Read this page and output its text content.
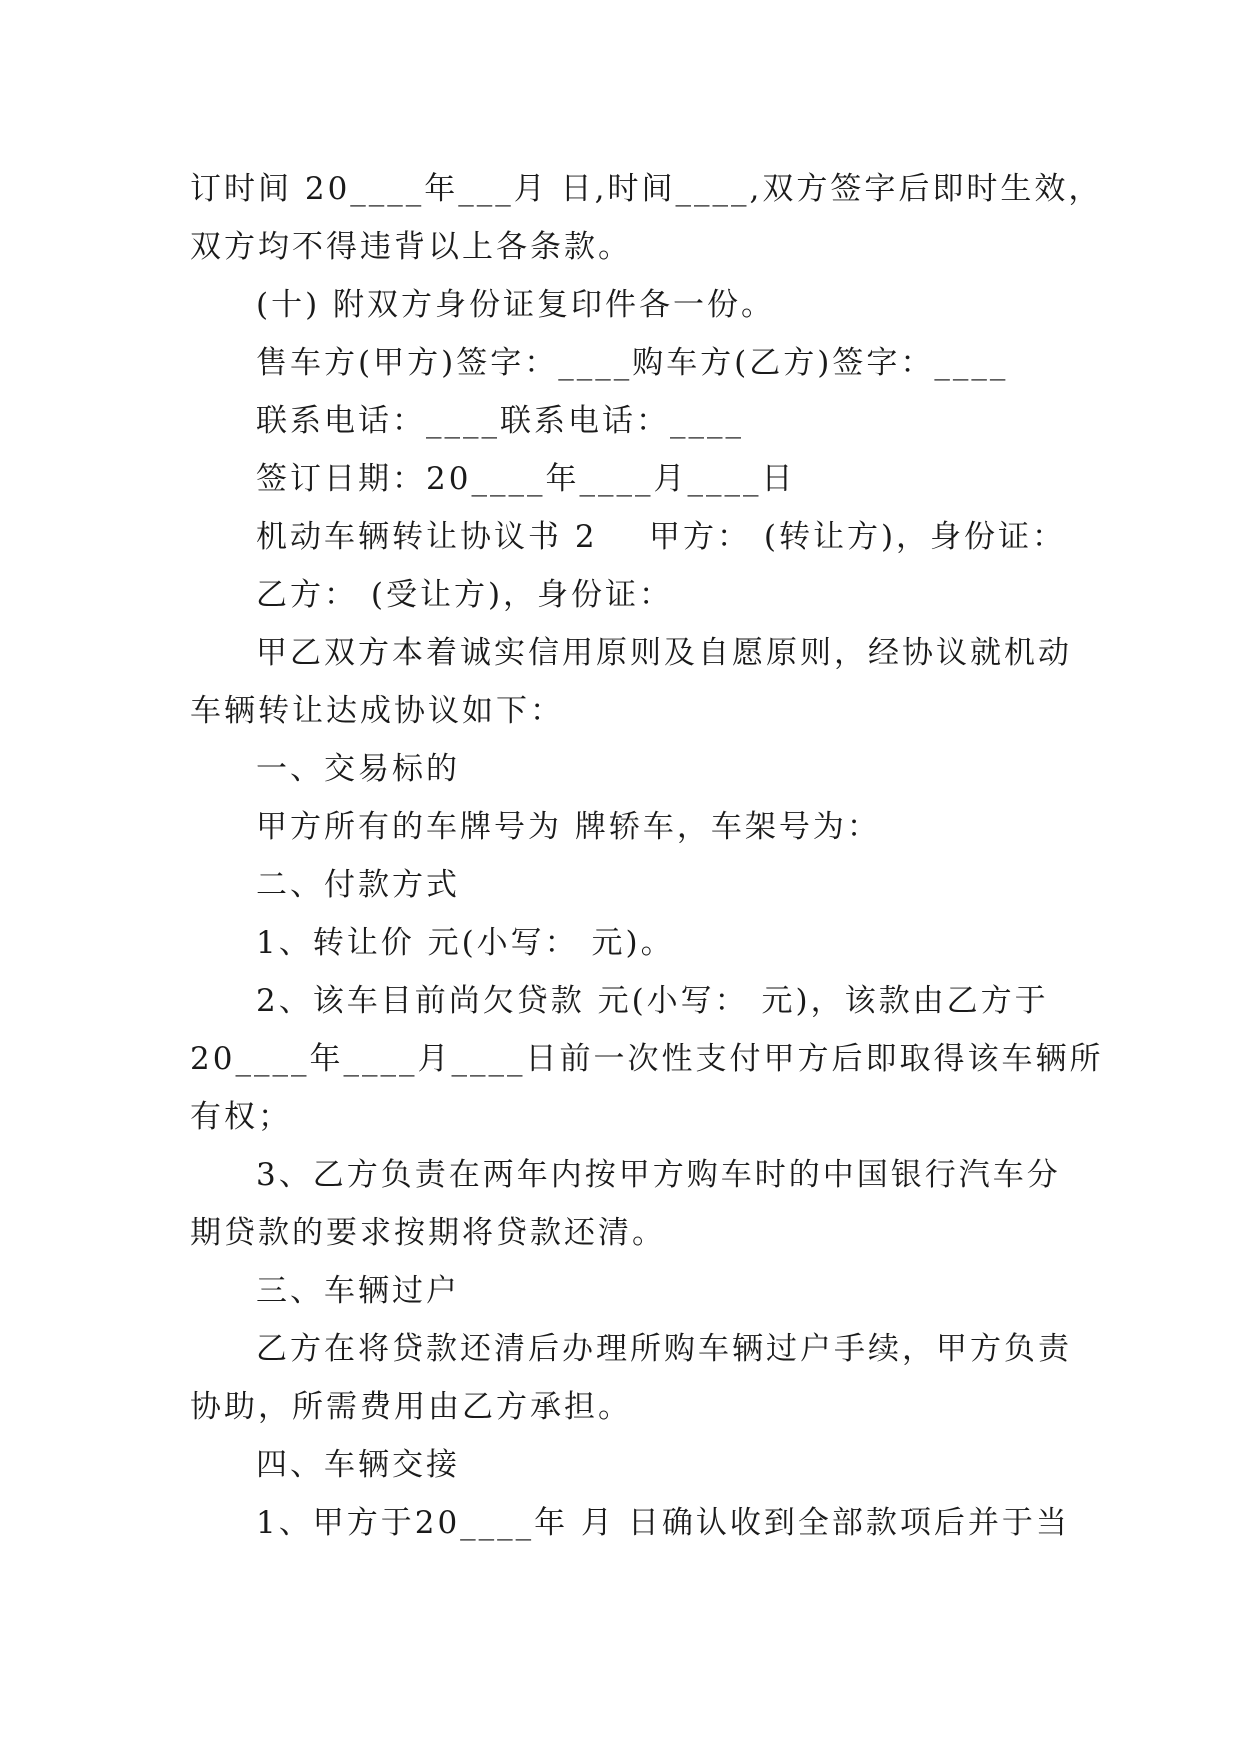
订时间 20____年___月 日,时间____,双方签字后即时生效，
双方均不得违背以上各条款。
(十) 附双方身份证复印件各一份。
售车方(甲方)签字：____购车方(乙方)签字：____
联系电话：____联系电话：____
签订日期：20____年____月____日
机动车辆转让协议书 2    甲方： (转让方)，身份证：
乙方： (受让方)，身份证：
甲乙双方本着诚实信用原则及自愿原则，经协议就机动
车辆转让达成协议如下：
一、交易标的
甲方所有的车牌号为 牌轿车，车架号为：
二、付款方式
1、转让价 元(小写： 元)。
2、该车目前尚欠贷款 元(小写： 元)，该款由乙方于
20____年____月____日前一次性支付甲方后即取得该车辆所
有权；
3、乙方负责在两年内按甲方购车时的中国银行汽车分
期贷款的要求按期将贷款还清。
三、车辆过户
乙方在将贷款还清后办理所购车辆过户手续，甲方负责
协助，所需费用由乙方承担。
四、车辆交接
1、甲方于20____年 月 日确认收到全部款项后并于当
